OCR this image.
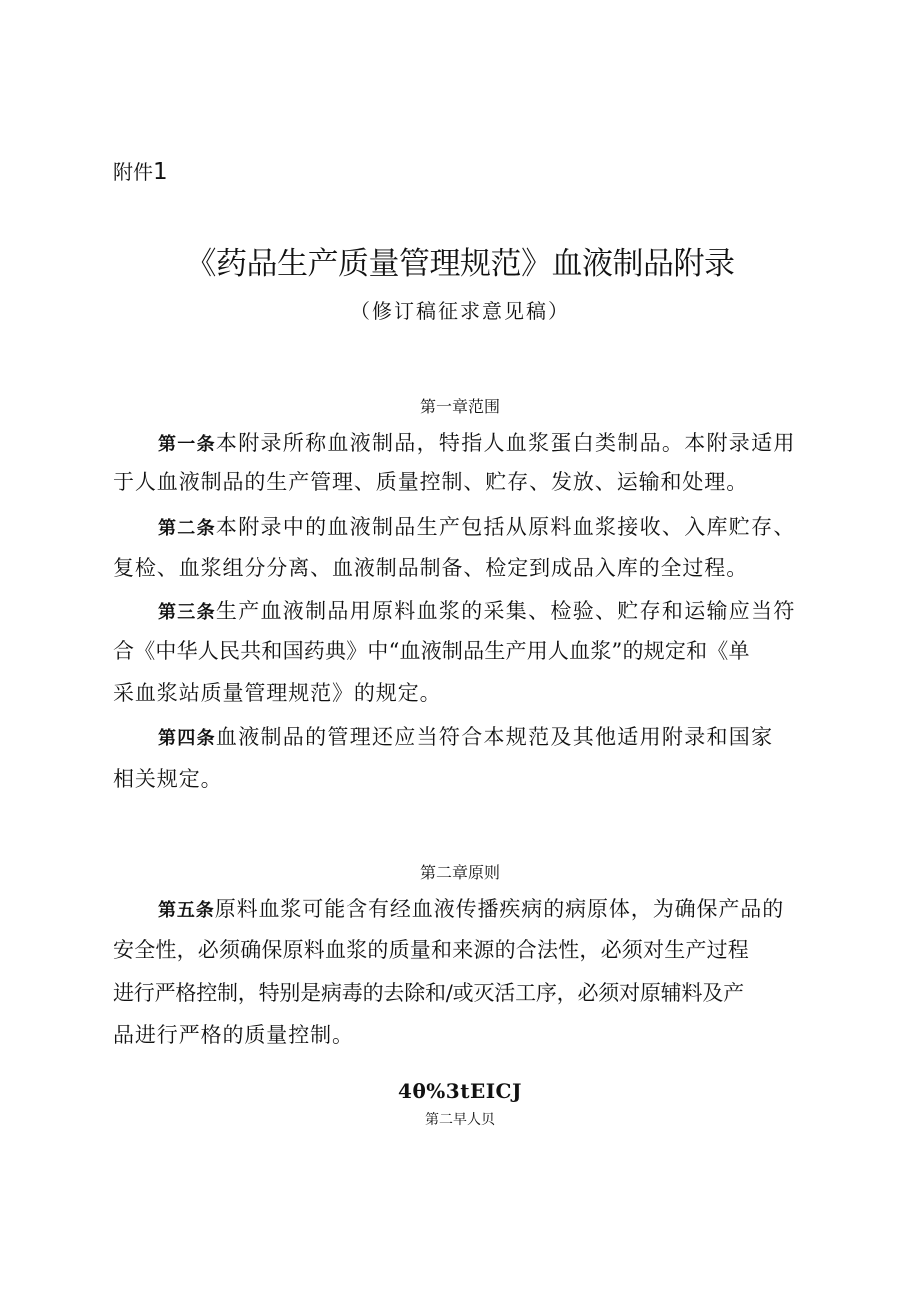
附件1
《药品生产质量管理规范》血液制品附录
（修订稿征求意见稿）
第一章范围
第一条本附录所称血液制品，特指人血浆蛋白类制品。本附录适用
于人血液制品的生产管理、质量控制、贮存、发放、运输和处理。
第二条本附录中的血液制品生产包括从原料血浆接收、入库贮存、
复检、血浆组分分离、血液制品制备、检定到成品入库的全过程。
第三条生产血液制品用原料血浆的采集、检验、贮存和运输应当符
合《中华人民共和国药典》中“血液制品生产用人血浆”的规定和《单
采血浆站质量管理规范》的规定。
第四条血液制品的管理还应当符合本规范及其他适用附录和国家
相关规定。
第二章原则
第五条原料血浆可能含有经血液传播疾病的病原体，为确保产品的
安全性，必须确保原料血浆的质量和来源的合法性，必须对生产过程
进行严格控制，特别是病毒的去除和/或灭活工序，必须对原辅料及产
品进行严格的质量控制。
4θ%3tEICJ
第二早人贝
